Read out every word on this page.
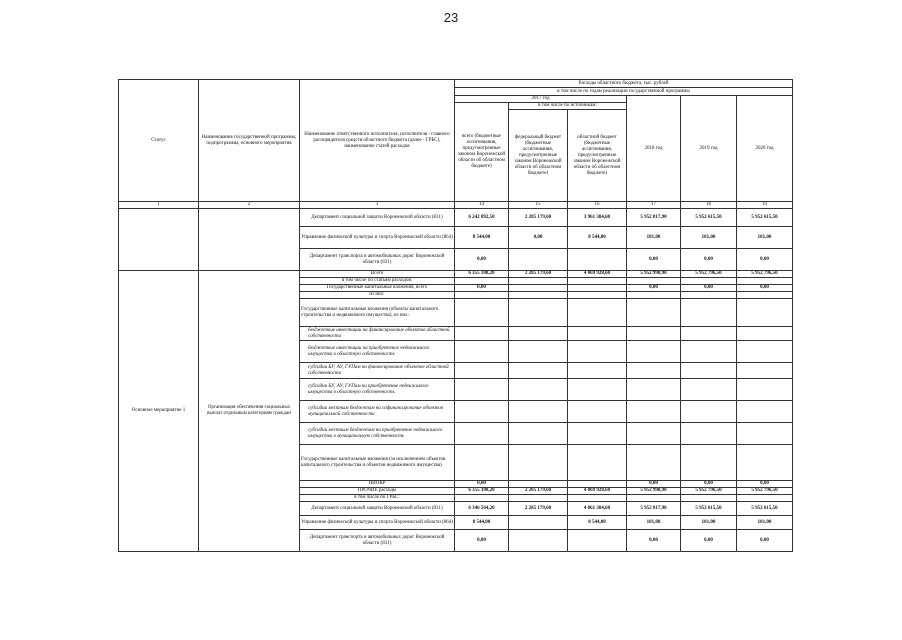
23
Статус	Наименование государственной программы, подпрограммы, основного мероприятия	Наименование ответственного исполнителя, исполнителя - главного распорядителя средств областного бюджета (далее - ГРБС), наименование статей расходов	Расходы областного бюджета, тыс. рублей					
			в том числе по годам реализации государственной программы					
			2017 год			2018 год	2019 год	2020 год
			всего (бюджетные ассигнования, предусмотренные законом Воронежской области об областном бюджете)	в том числе по источникам:				
				федеральный бюджет (бюджетные ассигнования, предусмотренные законом Воронежской области об областном бюджете)	областной бюджет (бюджетные ассигнования, предусмотренные законом Воронежской области об областном бюджете)			
1	2	3	14	15	16	17	18	19
		Департамент социальной защиты Воронежской области (831)	6 242 092,50	2 285 179,60	3 961 384,60	5 952 817,90	5 952 615,50	5 952 615,50
		Управление физической культуры и спорта Воронежской области (864)	8 544,00	0,00	8 544,00	181,00	181,00	181,00
		Департамент транспорта и автомобильных дорог Воронежской области (831)	0,00			0,00	0,00	0,00
Основное мероприятие 1	Организация обеспечения социальных выплат отдельным категориям граждан	Всего	6 355 108,20	2 285 179,60	4 069 928,60	5 952 998,90	5 952 796,50	5 952 796,50
		в том числе по статьям расходов:						
		Государственные капитальные вложения, всего	0,00			0,00	0,00	0,00
		из них:						
		Государственные капитальные вложения (объекты капитального строительства и недвижимого имущества), из них:						
		бюджетные инвестиции на финансирование объектов областной собственности						
		бюджетные инвестиции на приобретение недвижимого имущества в областную собственность						
		субсидии БУ, АУ, ГУПам на финансирование объектов областной собственности						
		субсидии БУ, АУ, ГУПам на приобретение недвижимого имущества в областную собственность						
		субсидии местным бюджетам на софинансирование объектов муниципальной собственности						
		субсидии местным бюджетам на приобретение недвижимого имущества в муниципальную собственность						
		Государственные капитальные вложения (за исключением объектов капитального строительства и объектов недвижимого имущества)						
		НИОКР	0,00			0,00	0,00	0,00
		ПРОЧИЕ расходы	6 355 108,20	2 285 179,60	4 069 928,60	5 952 998,90	5 952 796,50	5 952 796,50
		в том числе по ГРБС:						
		Департамент социальной защиты Воронежской области (831)	6 346 564,20	2 285 179,60	4 061 384,60	5 952 817,90	5 952 615,50	5 952 615,50
		Управление физической культуры и спорта Воронежской области (864)	8 544,00		8 544,00	181,00	181,00	181,00
		Департамент транспорта и автомобильных дорог Воронежской области (831)	0,00			0,00	0,00	0,00
